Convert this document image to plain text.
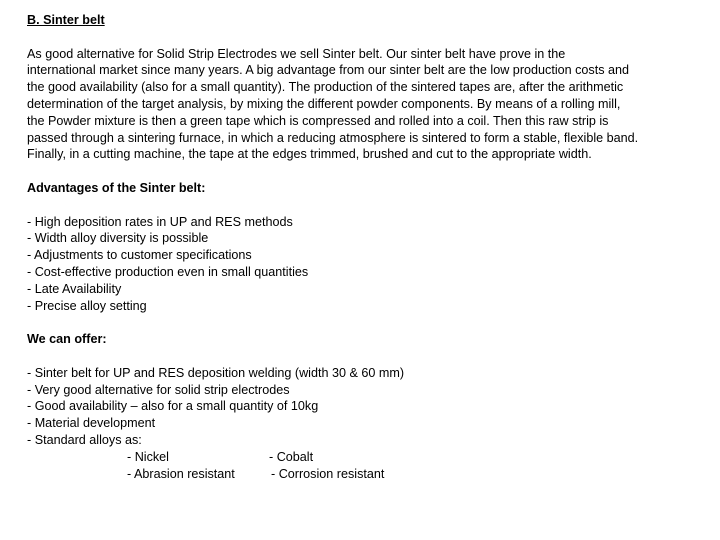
B. Sinter belt

As good alternative for Solid Strip Electrodes we sell Sinter belt. Our sinter belt have prove in the
international market since many years. A big advantage from our sinter belt are the low production costs and
the good availability (also for a small quantity). The production of the sintered tapes are, after the arithmetic
determination of the target analysis, by mixing the different powder components. By means of a rolling mill,
the Powder mixture is then a green tape which is compressed and rolled into a coil. Then this raw strip is
passed through a sintering furnace, in which a reducing atmosphere is sintered to form a stable, flexible band.
Finally, in a cutting machine, the tape at the edges trimmed, brushed and cut to the appropriate width.

Advantages of the Sinter belt:

- High deposition rates in UP and RES methods
- Width alloy diversity is possible
- Adjustments to customer specifications
- Cost-effective production even in small quantities
- Late Availability
- Precise alloy setting

We can offer:

- Sinter belt for UP and RES deposition welding (width 30 & 60 mm)
- Very good alternative for solid strip electrodes
- Good availability – also for a small quantity of 10kg
- Material development
- Standard alloys as:
- Nickel	- Cobalt
- Abrasion resistant	- Corrosion resistant
